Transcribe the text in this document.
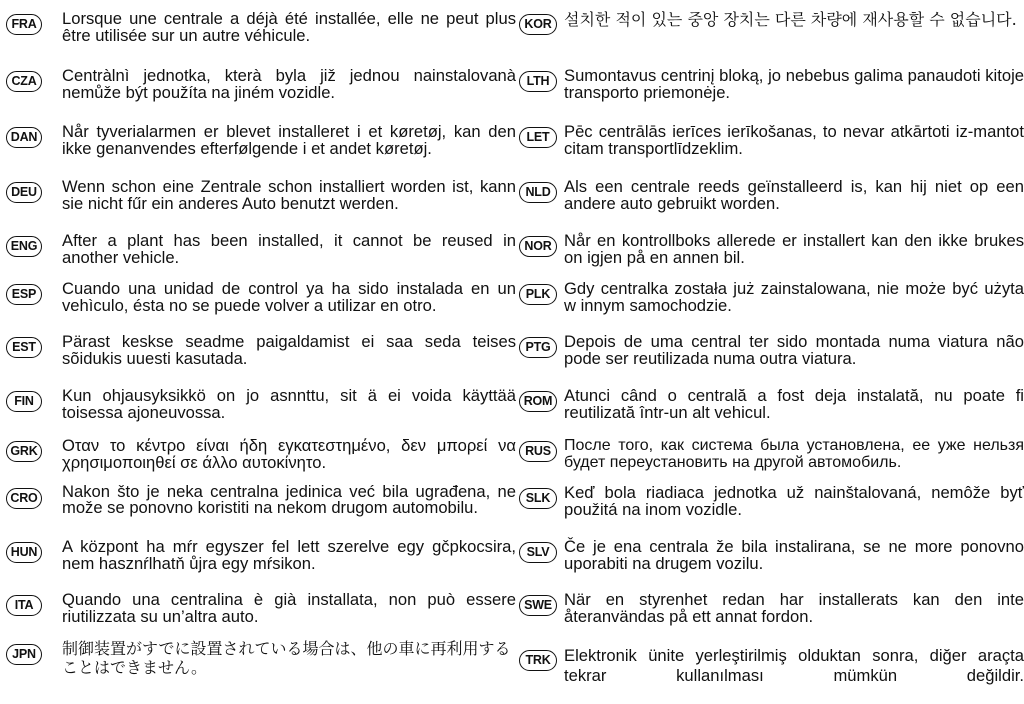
FRA	Lorsque une centrale a déjà été installée, elle ne peut plus être utilisée sur un autre véhicule.
CZA	Centràlnì jednotka, kterà byla již jednou nainstalovanà nemůže být použíta na jiném vozidle.
DAN Når tyverialarmen er blevet installeret i et køretøj, kan den ikke genanvendes efterfølgende i et andet køretøj.
DEU	Wenn schon eine Zentrale schon installiert worden ist, kann sie nicht fűr ein anderes Auto benutzt werden.
ENG After a plant has been installed, it cannot be reused in another vehicle.
ESP	Cuando una unidad de control ya ha sido instalada en un vehìculo, ésta no se puede volver a utilizar en otro.
EST	Pärast keskse seadme paigaldamist ei saa seda teises sõidukis uuesti kasutada.
FIN	Kun ohjausyksikkö on jo asnnttu, sit ä ei voida käyttää toisessa ajoneuvossa.
GRK Οταν το κέντρο είναι ήδη εγκατεστημένο, δεν μπορεί να χρησιμοποιηθεί σε άλλο αυτοκίνητο.
CRO Nakon što je neka centralna jedinica već bila ugrađena, ne može se ponovno koristiti na nekom drugom automobilu.
HUN A központ ha mŕr egyszer fel lett szerelve egy gčpkocsira, nem hasznŕlhatň ůjra egy mŕsikon.
ITA	Quando una centralina è già installata, non può essere riutilizzata su un’altra auto.
JPN	制御装置がすでに設置されている場合は、他の車に再利用することはできません。
KOR 설치한 적이 있는 중앙 장치는 다른 차량에 재사용할 수 없습니다.
LTH Sumontavus centrinį bloką, jo nebebus galima panaudoti kitoje transporto priemonėje.
LET Pēc centrālās ierīces ierīkošanas, to nevar atkārtoti iz-mantot citam transportlīdzeklim.
NLD Als een centrale reeds geïnstalleerd is, kan hij niet op een andere auto gebruikt worden.
NOR Når en kontrollboks allerede er installert kan den ikke brukes on igjen på en annen bil.
PLK Gdy centralka została już zainstalowana, nie może być użyta w innym samochodzie.
PTG Depois de uma central ter sido montada numa viatura não pode ser reutilizada numa outra viatura.
ROM Atunci când o centrală a fost deja instalată, nu poate fi reutilizată într-un alt vehicul.
RUS После того, как система была установлена, ее уже нельзя будет переустановить на другой автомобиль.
SLK Keď bola riadiaca jednotka už nainštalovaná, nemôže byť použitá na inom vozidle.
SLV Če je ena centrala že bila instalirana, se ne more ponovno uporabiti na drugem vozilu.
SWE När en styrenhet redan har installerats kan den inte återanvändas på ett annat fordon.
TRK Elektronik ünite yerleştirilmiş olduktan sonra, diğer araçta tekrar kullanılması mümkün değildir.
